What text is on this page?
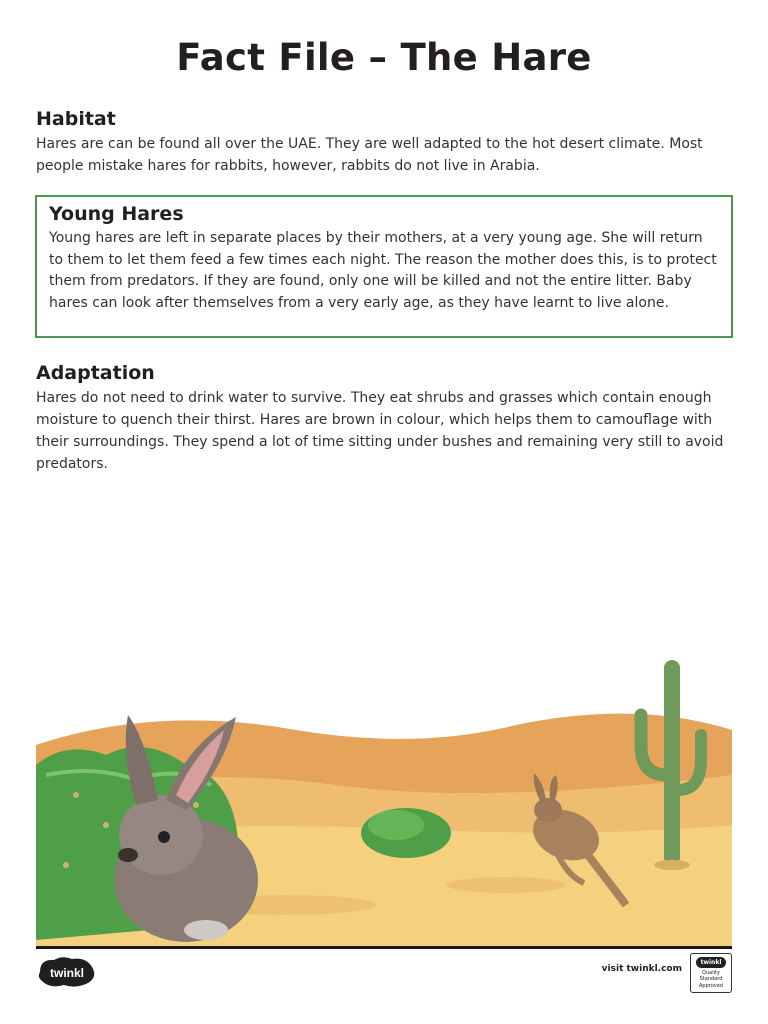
Fact File – The Hare
Habitat

Hares are can be found all over the UAE. They are well adapted to the hot desert climate. Most people mistake hares for rabbits, however, rabbits do not live in Arabia.

Young Hares

Young hares are left in separate places by their mothers, at a very young age. She will return to them to let them feed a few times each night. The reason the mother does this, is to protect them from predators. If they are found, only one will be killed and not the entire litter. Baby hares can look after themselves from a very early age, as they have learnt to live alone.

Adaptation

Hares do not need to drink water to survive. They eat shrubs and grasses which contain enough moisture to quench their thirst. Hares are brown in colour, which helps them to camouflage with their surroundings. They spend a lot of time sitting under bushes and remaining very still to avoid predators.

twinkl	visit twinkl.com
twinkl
Quality Standard
Approved
